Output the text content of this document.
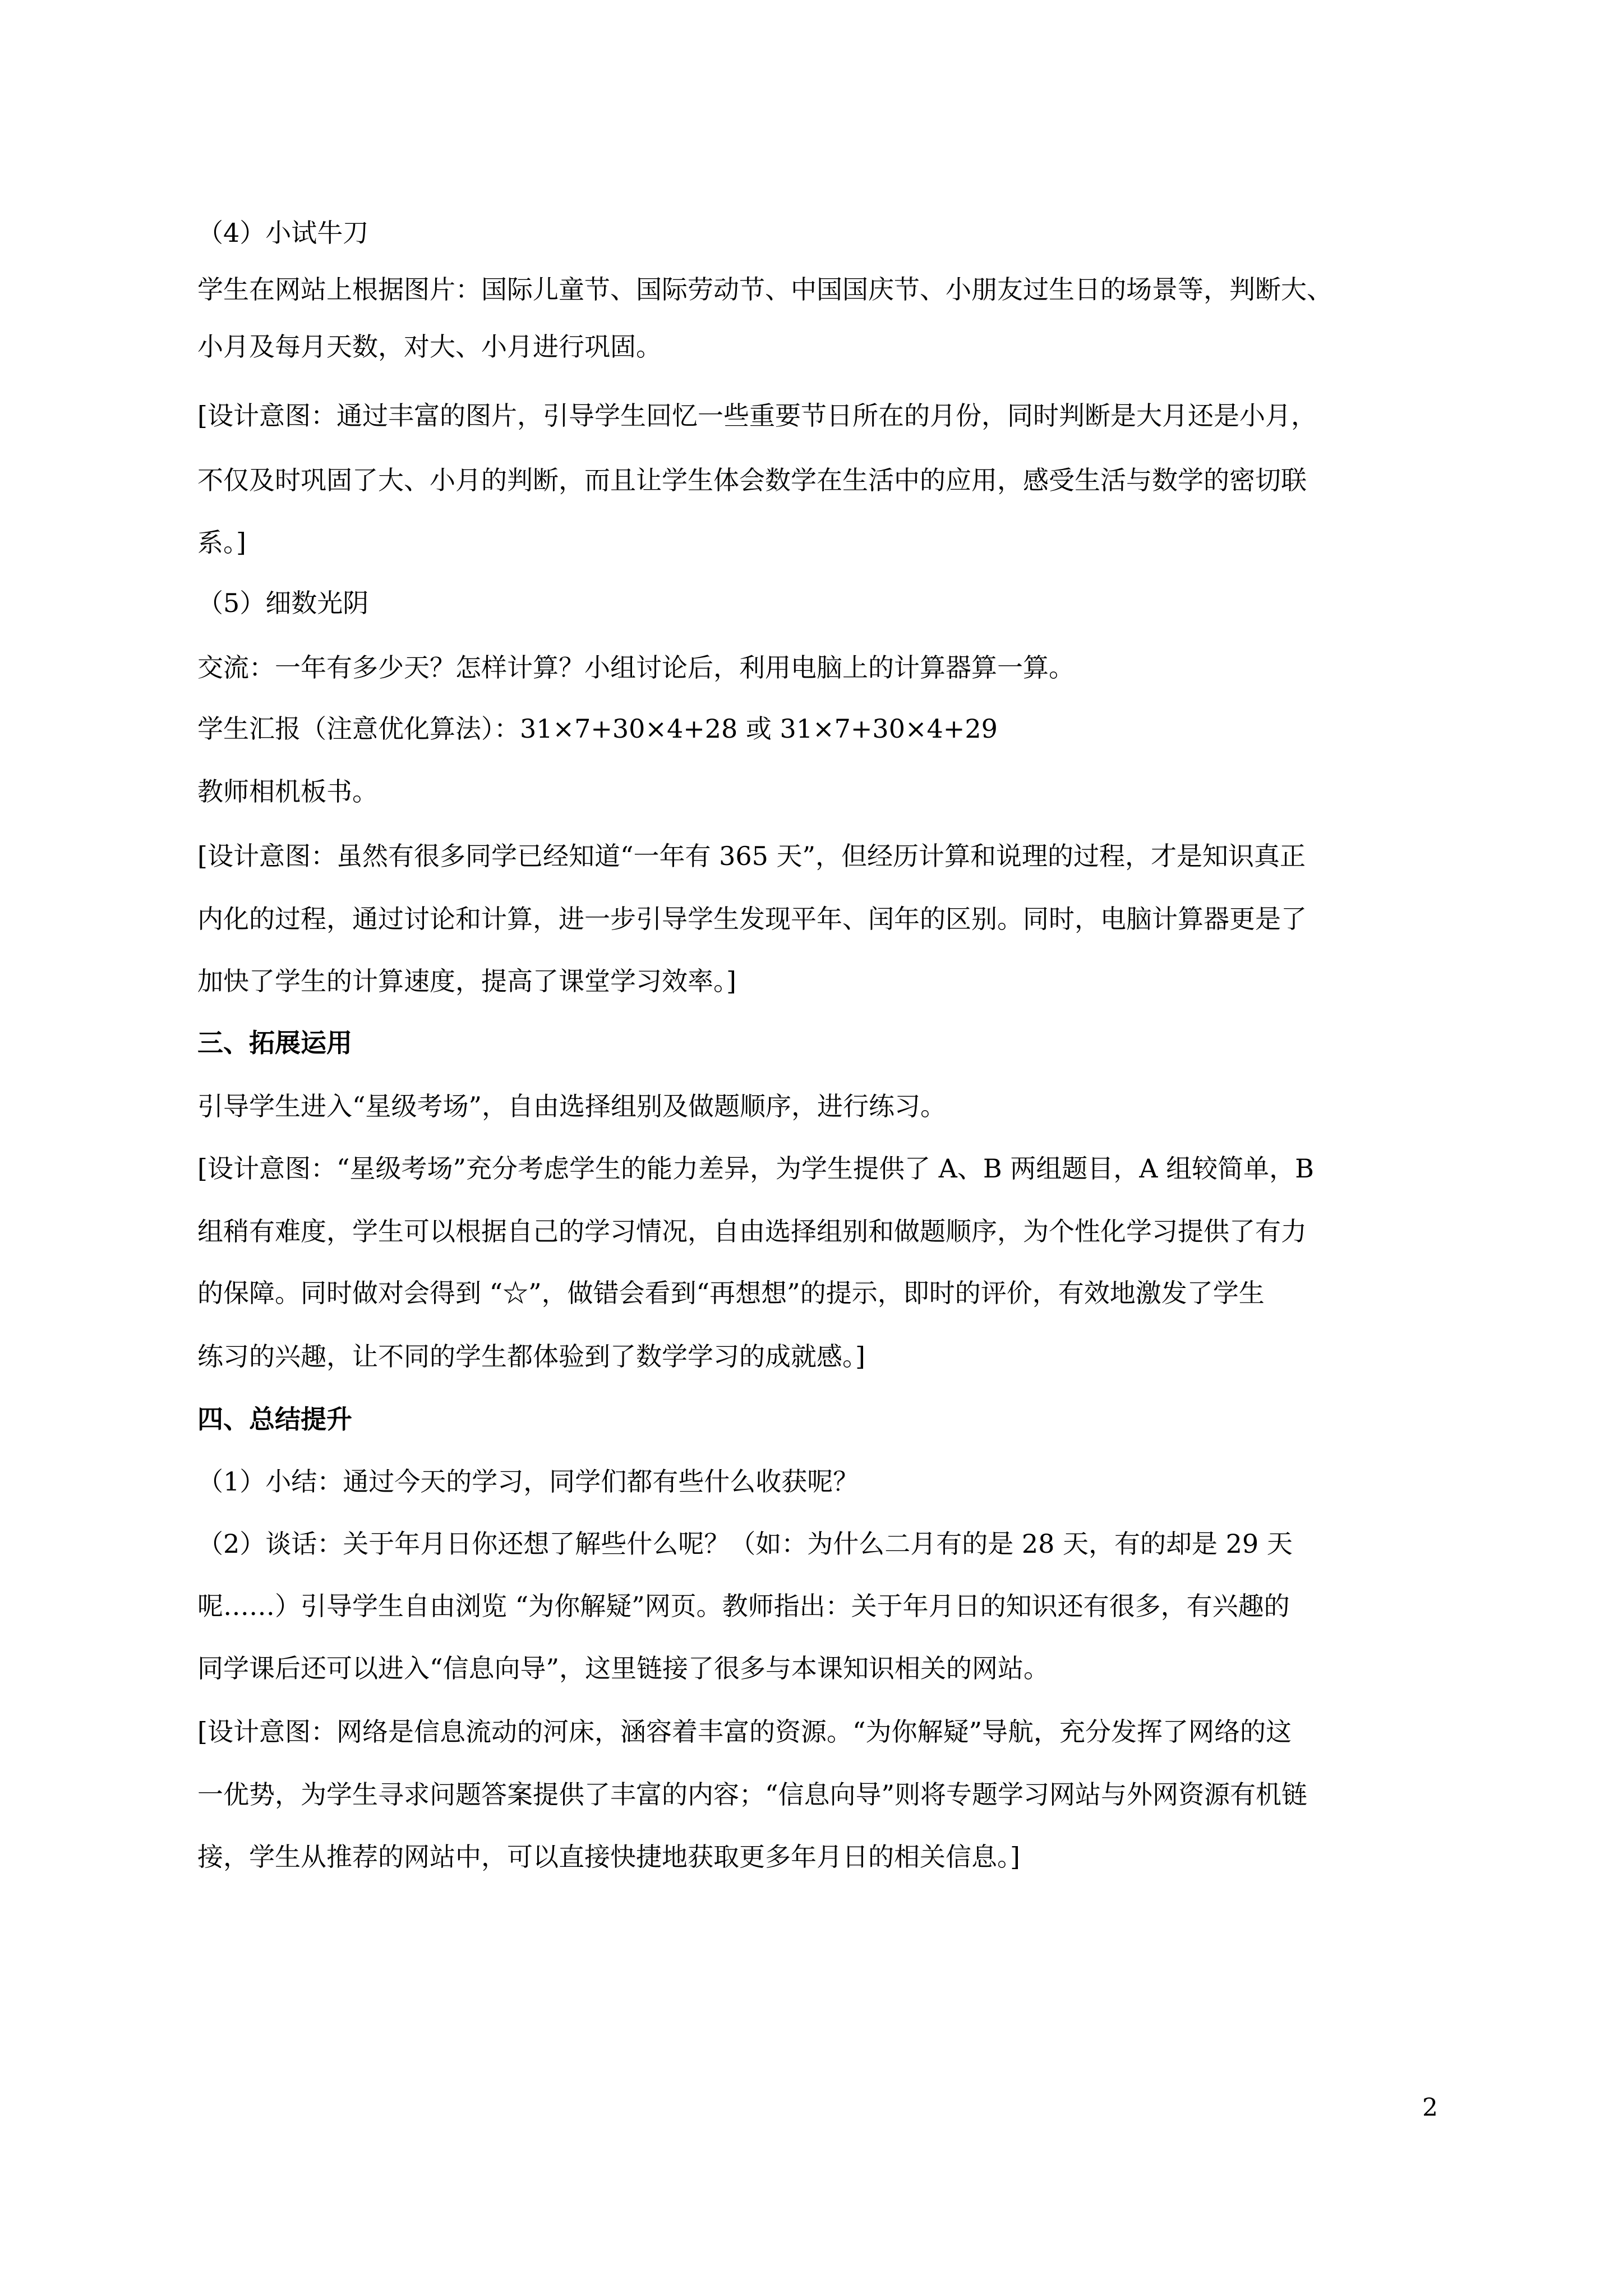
（4）小试牛刀
学生在网站上根据图片：国际儿童节、国际劳动节、中国国庆节、小朋友过生日的场景等，判断大、
小月及每月天数，对大、小月进行巩固。
[设计意图：通过丰富的图片，引导学生回忆一些重要节日所在的月份，同时判断是大月还是小月，
不仅及时巩固了大、小月的判断，而且让学生体会数学在生活中的应用，感受生活与数学的密切联
系。]
（5）细数光阴
交流：一年有多少天？怎样计算？小组讨论后，利用电脑上的计算器算一算。
学生汇报（注意优化算法）：31×7+30×4+28 或 31×7+30×4+29
教师相机板书。
[设计意图：虽然有很多同学已经知道“一年有 365 天”，但经历计算和说理的过程，才是知识真正
内化的过程，通过讨论和计算，进一步引导学生发现平年、闰年的区别。同时，电脑计算器更是了
加快了学生的计算速度，提高了课堂学习效率。]
三、拓展运用
引导学生进入“星级考场”，自由选择组别及做题顺序，进行练习。
[设计意图：“星级考场”充分考虑学生的能力差异，为学生提供了 A、B 两组题目，A 组较简单，B
组稍有难度，学生可以根据自己的学习情况，自由选择组别和做题顺序，为个性化学习提供了有力
的保障。同时做对会得到 “☆”，做错会看到“再想想”的提示，即时的评价，有效地激发了学生
练习的兴趣，让不同的学生都体验到了数学学习的成就感。]
四、总结提升
（1）小结：通过今天的学习，同学们都有些什么收获呢？
（2）谈话：关于年月日你还想了解些什么呢？（如：为什么二月有的是 28 天，有的却是 29 天
呢……）引导学生自由浏览 “为你解疑”网页。教师指出：关于年月日的知识还有很多，有兴趣的
同学课后还可以进入“信息向导”，这里链接了很多与本课知识相关的网站。
[设计意图：网络是信息流动的河床，涵容着丰富的资源。“为你解疑”导航，充分发挥了网络的这
一优势，为学生寻求问题答案提供了丰富的内容；“信息向导”则将专题学习网站与外网资源有机链
接，学生从推荐的网站中，可以直接快捷地获取更多年月日的相关信息。]
2
